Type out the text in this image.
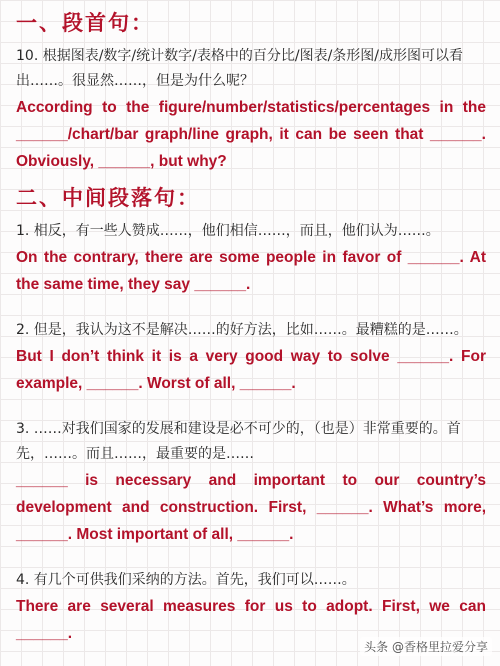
一、段首句：

10. 根据图表/数字/统计数字/表格中的百分比/图表/条形图/成形图可以看出……。很显然……，但是为什么呢？

According to the figure/number/statistics/percentages in the ______/chart/bar graph/line graph, it can be seen that ______. Obviously, ______, but why?

二、中间段落句：

1. 相反，有一些人赞成……，他们相信……，而且，他们认为……。

On the contrary, there are some people in favor of ______. At the same time, they say ______.

2. 但是，我认为这不是解决……的好方法，比如……。最糟糕的是……。

But I don’t think it is a very good way to solve ______. For example, ______. Worst of all, ______.

3. ……对我们国家的发展和建设是必不可少的，（也是）非常重要的。首先，……。而且……，最重要的是……

______ is necessary and important to our country’s development and construction. First, ______. What’s more, ______. Most important of all, ______.

4. 有几个可供我们采纳的方法。首先，我们可以……。

There are several measures for us to adopt. First, we can ______.

头条 @香格里拉爱分享
